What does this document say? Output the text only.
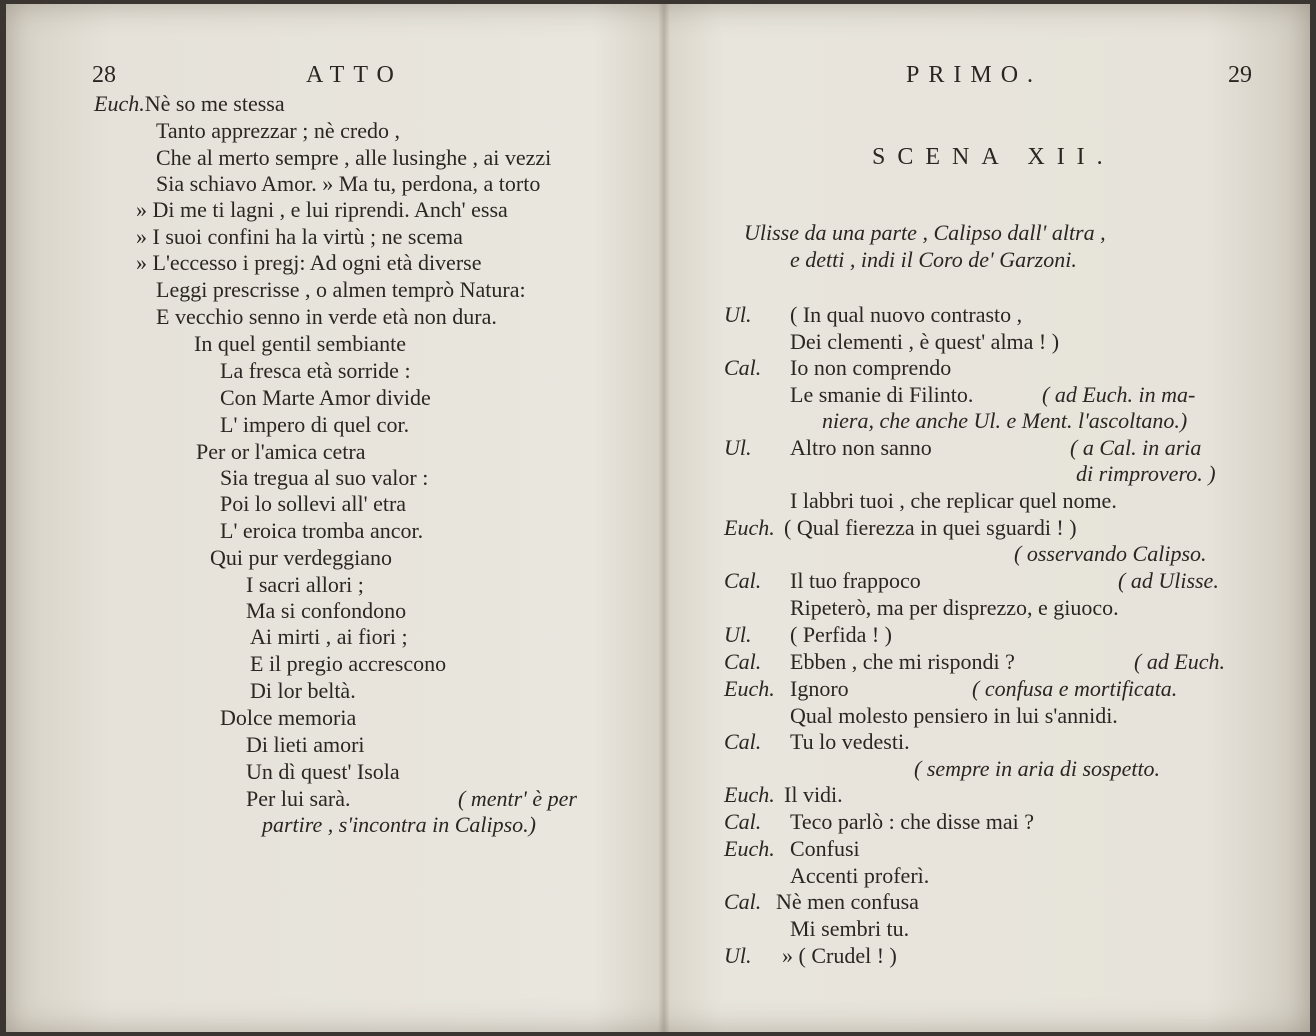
28	ATTO
Euch.Nè so me stessa
Tanto apprezzar ; nè credo ,
Che al merto sempre , alle lusinghe , ai vezzi
Sia schiavo Amor. » Ma tu, perdona, a torto
» Di me ti lagni , e lui riprendi. Anch' essa
» I suoi confini ha la virtù ; ne scema
» L'eccesso i pregj: Ad ogni età diverse
Leggi prescrisse , o almen temprò Natura:
E vecchio senno in verde età non dura.
In quel gentil sembiante
La fresca età sorride :
Con Marte Amor divide
L' impero di quel cor.
Per or l'amica cetra
Sia tregua al suo valor :
Poi lo sollevi all' etra
L' eroica tromba ancor.
Qui pur verdeggiano
I sacri allori ;
Ma si confondono
Ai mirti , ai fiori ;
E il pregio accrescono
Di lor beltà.
Dolce memoria
Di lieti amori
Un dì quest' Isola
Per lui sarà.	( mentr' è per
partire , s'incontra in Calipso.)
PRIMO.	29
SCENA XII.
Ulisse da una parte , Calipso dall' altra ,
e detti , indi il Coro de' Garzoni.
Ul. ( In qual nuovo contrasto ,
Dei clementi , è quest' alma ! )
Cal. Io non comprendo
Le smanie di Filinto.	( ad Euch. in ma-
niera, che anche Ul. e Ment. l'ascoltano.)
Ul. Altro non sanno	( a Cal. in aria
di rimprovero. )
I labbri tuoi , che replicar quel nome.
Euch. ( Qual fierezza in quei sguardi ! )
( osservando Calipso.
Cal. Il tuo frappoco	( ad Ulisse.
Ripeterò, ma per disprezzo, e giuoco.
Ul. ( Perfida ! )
Cal. Ebben , che mi rispondi ?	( ad Euch.
Euch. Ignoro	( confusa e mortificata.
Qual molesto pensiero in lui s'annidi.
Cal. Tu lo vedesti.
( sempre in aria di sospetto.
Euch. Il vidi.
Cal. Teco parlò : che disse mai ?
Euch. Confusi
Accenti proferì.
Cal. Nè men confusa
Mi sembri tu.
Ul. » ( Crudel ! )
